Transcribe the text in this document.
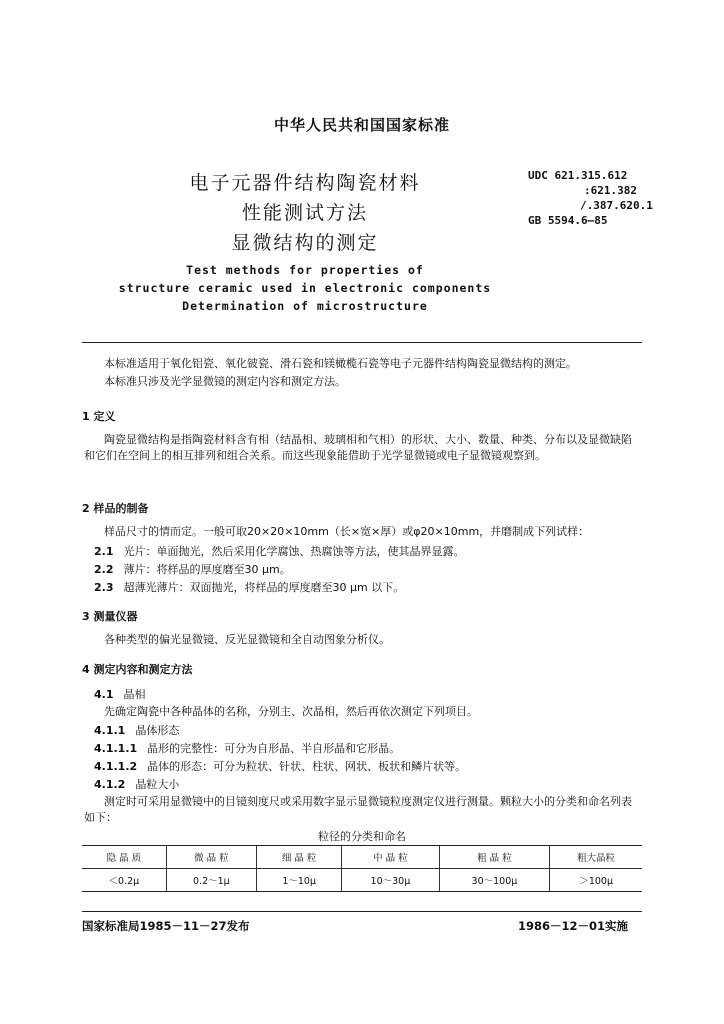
中华人民共和国国家标准
电子元器件结构陶瓷材料
性能测试方法
显微结构的测定
UDC 621.315.612
:621.382
/.387.620.1
GB 5594.6—85
Test methods for properties of
structure ceramic used in electronic components
Determination of microstructure
本标准适用于氧化铝瓷、氧化铍瓷、滑石瓷和镁橄榄石瓷等电子元器件结构陶瓷显微结构的测定。
本标准只涉及光学显微镜的测定内容和测定方法。
1 定义
陶瓷显微结构是指陶瓷材料含有相（结晶相、玻璃相和气相）的形状、大小、数量、种类、分布以及显微缺陷和它们在空间上的相互排列和组合关系。而这些现象能借助于光学显微镜或电子显微镜观察到。
2 样品的制备
样品尺寸的情而定。一般可取20×20×10mm（长×宽×厚）或φ20×10mm，并磨制成下列试样：
2.1 光片：单面抛光，然后采用化学腐蚀、热腐蚀等方法，使其晶界显露。
2.2 薄片：将样品的厚度磨至30 μm。
2.3 超薄光薄片：双面抛光，将样品的厚度磨至30 μm 以下。
3 测量仪器
各种类型的偏光显微镜、反光显微镜和全自动图象分析仪。
4 测定内容和测定方法
4.1 晶相
先确定陶瓷中各种晶体的名称，分别主、次晶相，然后再依次测定下列项目。
4.1.1 晶体形态
4.1.1.1 晶形的完整性：可分为自形晶、半自形晶和它形晶。
4.1.1.2 晶体的形态：可分为粒状、针状、柱状、网状、板状和鳞片状等。
4.1.2 晶粒大小
测定时可采用显微镜中的目镜刻度尺或采用数字显示显微镜粒度测定仪进行测量。颗粒大小的分类和命名列表如下：
粒径的分类和命名
隐 晶 质	微 晶 粒	细 晶 粒	中 晶 粒	粗 晶 粒	粗大晶粒
＜0.2μ	0.2～1μ	1～10μ	10～30μ	30～100μ	＞100μ
国家标准局1985－11－27发布	1986－12－01实施
